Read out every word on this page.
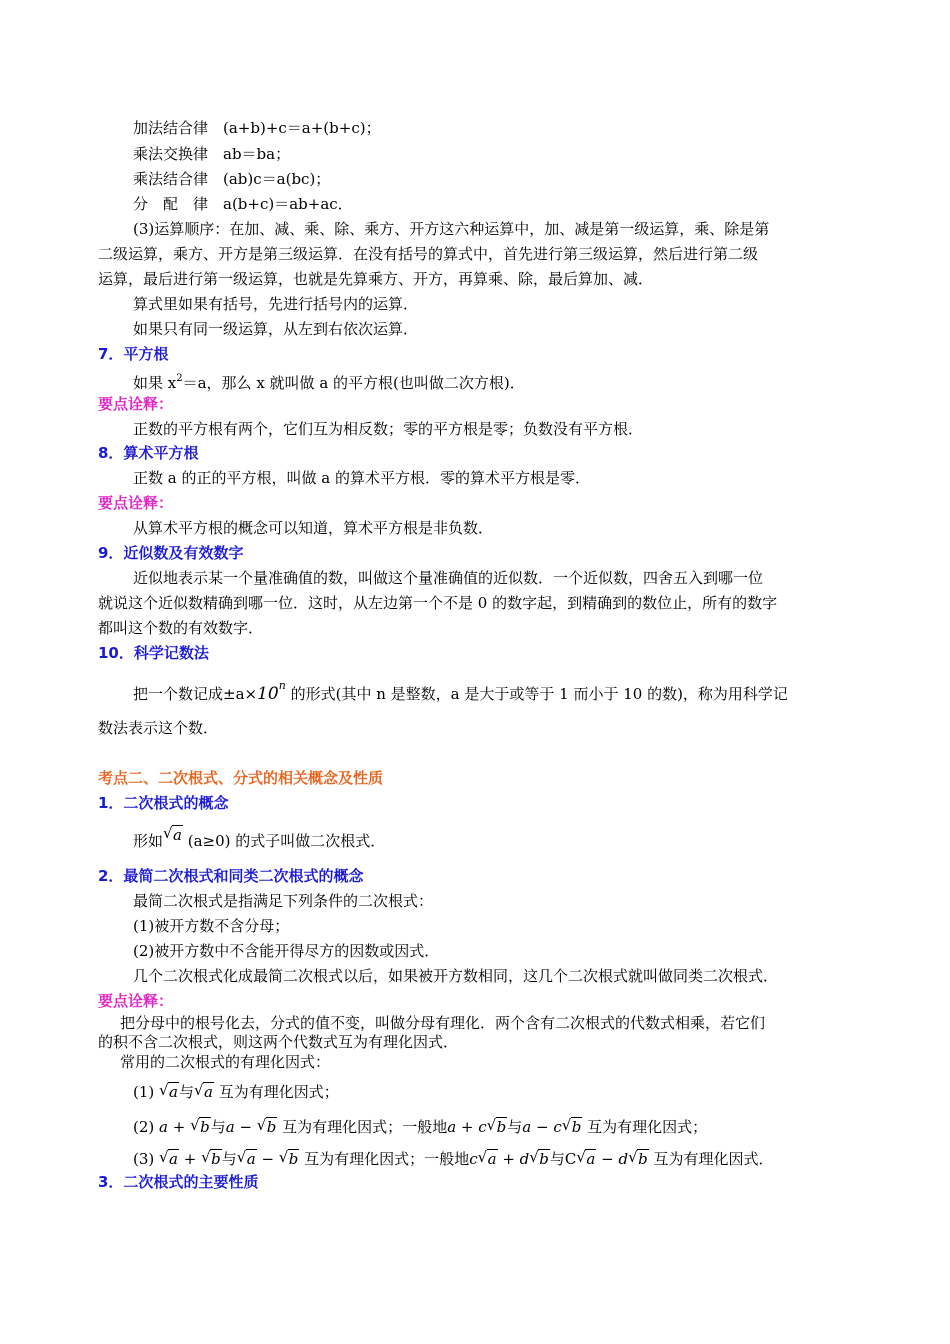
加法结合律　(a+b)+c＝a+(b+c)；
乘法交换律　ab＝ba；
乘法结合律　(ab)c＝a(bc)；
分　配　律　a(b+c)＝ab+ac．
(3)运算顺序：在加、减、乘、除、乘方、开方这六种运算中，加、减是第一级运算，乘、除是第
二级运算，乘方、开方是第三级运算．在没有括号的算式中，首先进行第三级运算，然后进行第二级
运算，最后进行第一级运算，也就是先算乘方、开方，再算乘、除，最后算加、减．
算式里如果有括号，先进行括号内的运算．
如果只有同一级运算，从左到右依次运算．
7．平方根
如果 $x^2=a$，那么 x 就叫做 a 的平方根(也叫做二次方根)．
要点诠释：
正数的平方根有两个，它们互为相反数；零的平方根是零；负数没有平方根．
8．算术平方根
正数 a 的正的平方根，叫做 a 的算术平方根．零的算术平方根是零．
要点诠释：
从算术平方根的概念可以知道，算术平方根是非负数．
9．近似数及有效数字
近似地表示某一个量准确值的数，叫做这个量准确值的近似数．一个近似数，四舍五入到哪一位
就说这个近似数精确到哪一位．这时，从左边第一个不是 0 的数字起，到精确到的数位止，所有的数字
都叫这个数的有效数字．
10．科学记数法
把一个数记成$\pm a\times 10^n$ 的形式(其中 n 是整数，a 是大于或等于 1 而小于 10 的数)，称为用科学记
数法表示这个数．
考点二、二次根式、分式的相关概念及性质
1．二次根式的概念
形如 √ a (a≥0) 的式子叫做二次根式．
2．最简二次根式和同类二次根式的概念
最简二次根式是指满足下列条件的二次根式：
(1)被开方数不含分母；
(2)被开方数中不含能开得尽方的因数或因式．
几个二次根式化成最简二次根式以后，如果被开方数相同，这几个二次根式就叫做同类二次根式．
要点诠释：
把分母中的根号化去，分式的值不变，叫做分母有理化．两个含有二次根式的代数式相乘，若它们
的积不含二次根式，则这两个代数式互为有理化因式．
常用的二次根式的有理化因式：
(1) √ a与 √ a 互为有理化因式；
(2) a + √ b与a − √ b 互为有理化因式；一般地a + c √ b与a − c √ b 互为有理化因式；
(3) √ a + √ b与 √ a − √ b 互为有理化因式；一般地c √ a + d √ b与C √ a − d √ b 互为有理化因式．
3．二次根式的主要性质
